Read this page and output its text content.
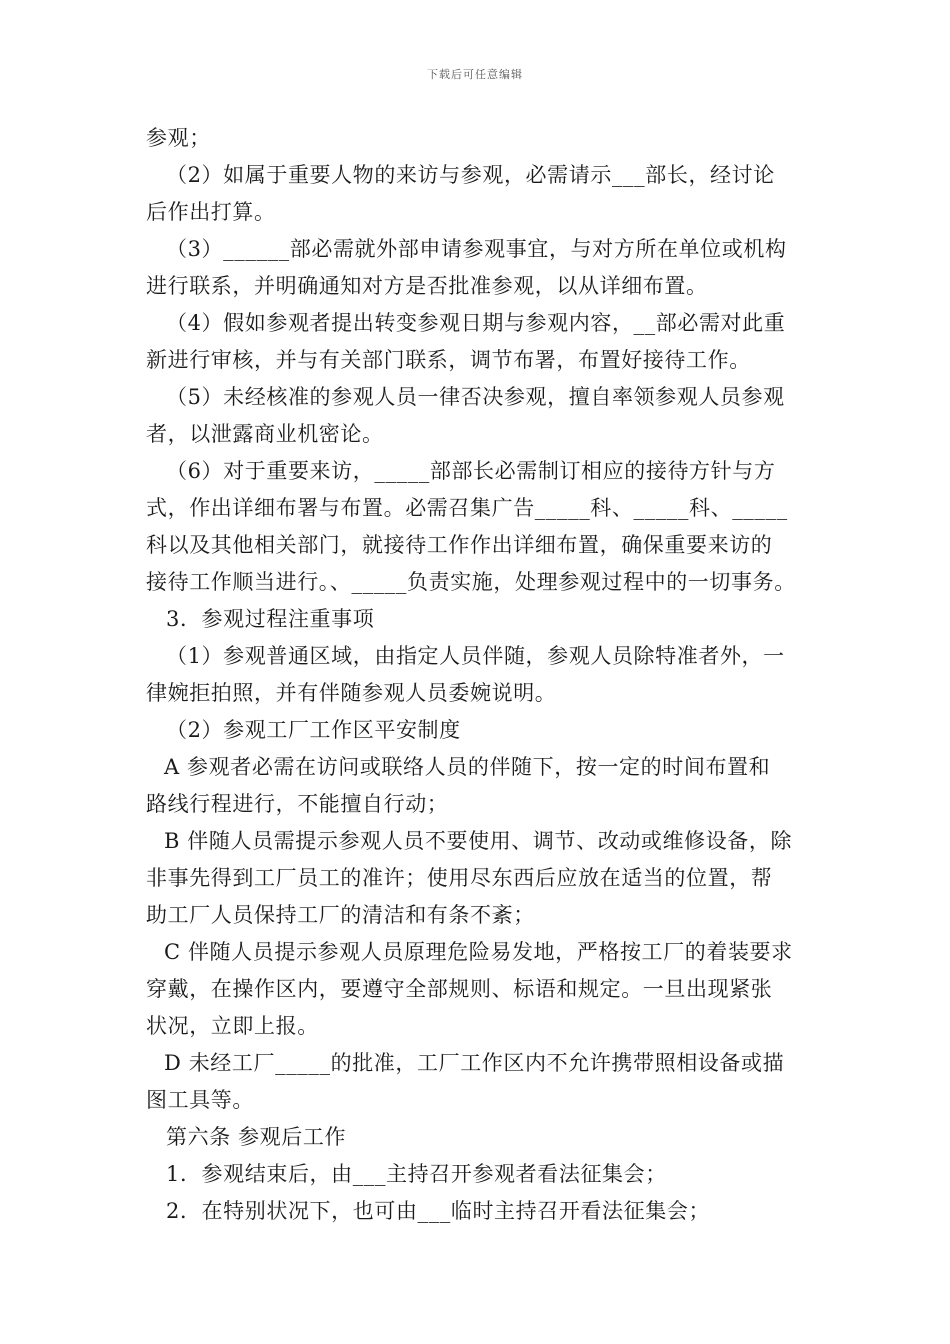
下载后可任意编辑
参观；
（2）如属于重要人物的来访与参观，必需请示___部长，经讨论
后作出打算。
（3）______部必需就外部申请参观事宜，与对方所在单位或机构
进行联系，并明确通知对方是否批准参观，以从详细布置。
（4）假如参观者提出转变参观日期与参观内容，__部必需对此重
新进行审核，并与有关部门联系，调节布署，布置好接待工作。
（5）未经核准的参观人员一律否决参观，擅自率领参观人员参观
者，以泄露商业机密论。
（6）对于重要来访，_____部部长必需制订相应的接待方针与方
式，作出详细布署与布置。必需召集广告_____科、_____科、_____
科以及其他相关部门，就接待工作作出详细布置，确保重要来访的
接待工作顺当进行。、_____负责实施，处理参观过程中的一切事务。
3．参观过程注重事项
（1）参观普通区域，由指定人员伴随，参观人员除特准者外，一
律婉拒拍照，并有伴随参观人员委婉说明。
（2）参观工厂工作区平安制度
A 参观者必需在访问或联络人员的伴随下，按一定的时间布置和
路线行程进行，不能擅自行动；
B 伴随人员需提示参观人员不要使用、调节、改动或维修设备，除
非事先得到工厂员工的准许；使用尽东西后应放在适当的位置，帮
助工厂人员保持工厂的清洁和有条不紊；
C 伴随人员提示参观人员原理危险易发地，严格按工厂的着装要求
穿戴，在操作区内，要遵守全部规则、标语和规定。一旦出现紧张
状况，立即上报。
D 未经工厂_____的批准，工厂工作区内不允许携带照相设备或描
图工具等。
第六条 参观后工作
1．参观结束后，由___主持召开参观者看法征集会；
2．在特别状况下，也可由___临时主持召开看法征集会；
